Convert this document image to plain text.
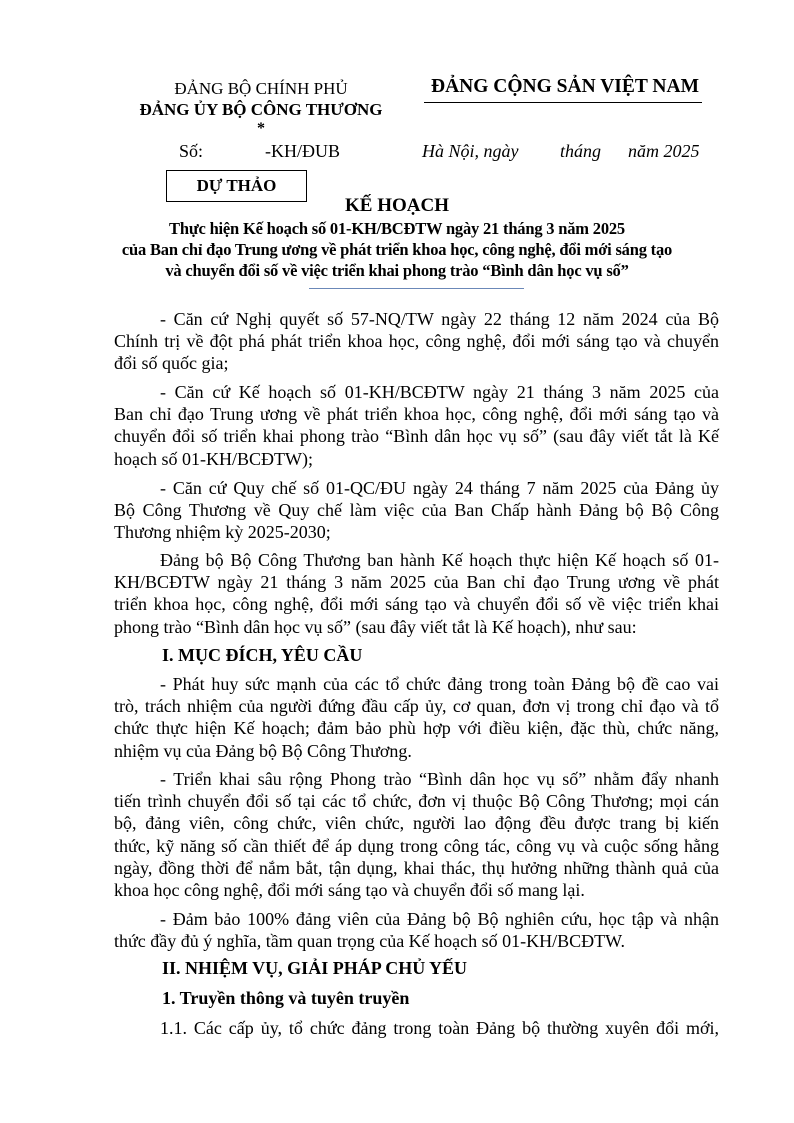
ĐẢNG BỘ CHÍNH PHỦ
ĐẢNG ỦY BỘ CÔNG THƯƠNG
*
ĐẢNG CỘNG SẢN VIỆT NAM
Số:	-KH/ĐUB	Hà Nội, ngày tháng năm 2025
DỰ THẢO
KẾ HOẠCH
Thực hiện Kế hoạch số 01-KH/BCĐTW ngày 21 tháng 3 năm 2025
của Ban chỉ đạo Trung ương về phát triển khoa học, công nghệ, đổi mới sáng tạo
và chuyển đổi số về việc triển khai phong trào “Bình dân học vụ số”
- Căn cứ Nghị quyết số 57-NQ/TW ngày 22 tháng 12 năm 2024 của Bộ
Chính trị về đột phá phát triển khoa học, công nghệ, đổi mới sáng tạo và chuyển
đổi số quốc gia;
- Căn cứ Kế hoạch số 01-KH/BCĐTW ngày 21 tháng 3 năm 2025 của
Ban chỉ đạo Trung ương về phát triển khoa học, công nghệ, đổi mới sáng tạo và
chuyển đổi số triển khai phong trào “Bình dân học vụ số” (sau đây viết tắt là Kế
hoạch số 01-KH/BCĐTW);
- Căn cứ Quy chế số 01-QC/ĐU ngày 24 tháng 7 năm 2025 của Đảng ủy
Bộ Công Thương về Quy chế làm việc của Ban Chấp hành Đảng bộ Bộ Công
Thương nhiệm kỳ 2025-2030;
Đảng bộ Bộ Công Thương ban hành Kế hoạch thực hiện Kế hoạch số 01-
KH/BCĐTW ngày 21 tháng 3 năm 2025 của Ban chỉ đạo Trung ương về phát
triển khoa học, công nghệ, đổi mới sáng tạo và chuyển đổi số về việc triển khai
phong trào “Bình dân học vụ số” (sau đây viết tắt là Kế hoạch), như sau:
I. MỤC ĐÍCH, YÊU CẦU
- Phát huy sức mạnh của các tổ chức đảng trong toàn Đảng bộ đề cao vai
trò, trách nhiệm của người đứng đầu cấp ủy, cơ quan, đơn vị trong chỉ đạo và tổ
chức thực hiện Kế hoạch; đảm bảo phù hợp với điều kiện, đặc thù, chức năng,
nhiệm vụ của Đảng bộ Bộ Công Thương.
- Triển khai sâu rộng Phong trào “Bình dân học vụ số” nhằm đẩy nhanh
tiến trình chuyển đổi số tại các tổ chức, đơn vị thuộc Bộ Công Thương; mọi cán
bộ, đảng viên, công chức, viên chức, người lao động đều được trang bị kiến
thức, kỹ năng số cần thiết để áp dụng trong công tác, công vụ và cuộc sống hằng
ngày, đồng thời để nắm bắt, tận dụng, khai thác, thụ hưởng những thành quả của
khoa học công nghệ, đổi mới sáng tạo và chuyển đổi số mang lại.
- Đảm bảo 100% đảng viên của Đảng bộ Bộ nghiên cứu, học tập và nhận
thức đầy đủ ý nghĩa, tầm quan trọng của Kế hoạch số 01-KH/BCĐTW.
II. NHIỆM VỤ, GIẢI PHÁP CHỦ YẾU
1. Truyền thông và tuyên truyền
1.1. Các cấp ủy, tổ chức đảng trong toàn Đảng bộ thường xuyên đổi mới,
